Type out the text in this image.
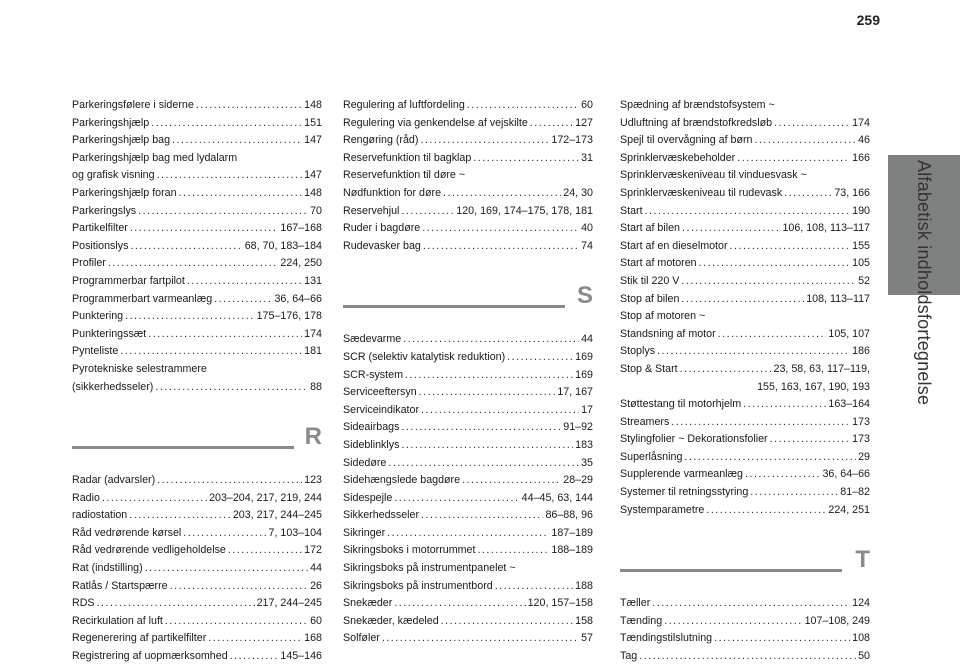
259
Alfabetisk indholdsfortegnelse
Parkeringsfølere i siderne .....	148
Parkeringshjælp .....	151
Parkeringshjælp bag .....	147
Parkeringshjælp bag med lydalarm
og grafisk visning .....	147
Parkeringshjælp foran .....	148
Parkeringslys .....	70
Partikelfilter .....	167–168
Positionslys .....	68, 70, 183–184
Profiler .....	224, 250
Programmerbar fartpilot .....	131
Programmerbart varmeanlæg .....	36, 64–66
Punktering .....	175–176, 178
Punkteringssæt .....	174
Pynteliste .....	181
Pyrotekniske selestrammere
(sikkerhedsseler) .....	88
R
Radar (advarsler) .....	123
Radio .....	203–204, 217, 219, 244
radiostation .....	203, 217, 244–245
Råd vedrørende kørsel .....	7, 103–104
Råd vedrørende vedligeholdelse .....	172
Rat (indstilling) .....	44
Ratlås / Startspærre .....	26
RDS .....	217, 244–245
Recirkulation af luft .....	60
Regenerering af partikelfilter .....	168
Registrering af uopmærksomhed .....	145–146
Regulering af luftfordeling .....	60
Regulering via genkendelse af vejskilte .....	127
Rengøring (råd) .....	172–173
Reservefunktion til bagklap .....	31
Reservefunktion til døre ~
Nødfunktion for døre .....	24, 30
Reservehjul .....	120, 169, 174–175, 178, 181
Ruder i bagdøre .....	40
Rudevasker bag .....	74
S
Sædevarme .....	44
SCR (selektiv katalytisk reduktion) .....	169
SCR-system .....	169
Serviceeftersyn .....	17, 167
Serviceindikator .....	17
Sideairbags .....	91–92
Sideblinklys .....	183
Sidedøre .....	35
Sidehængslede bagdøre .....	28–29
Sidespejle .....	44–45, 63, 144
Sikkerhedsseler .....	86–88, 96
Sikringer .....	187–189
Sikringsboks i motorrummet .....	188–189
Sikringsboks på instrumentpanelet ~
Sikringsboks på instrumentbord .....	188
Snekæder .....	120, 157–158
Snekæder, kædeled .....	158
Solføler .....	57
Spædning af brændstofsystem ~
Udluftning af brændstofkredsløb .....	174
Spejl til overvågning af børn .....	46
Sprinklervæskebeholder .....	166
Sprinklervæskeniveau til vinduesvask ~
Sprinklervæskeniveau til rudevask .....	73, 166
Start .....	190
Start af bilen .....	106, 108, 113–117
Start af en dieselmotor .....	155
Start af motoren .....	105
Stik til 220 V .....	52
Stop af bilen .....	108, 113–117
Stop af motoren ~
Standsning af motor .....	105, 107
Stoplys .....	186
Stop & Start .....	23, 58, 63, 117–119,
155, 163, 167, 190, 193
Støttestang til motorhjelm .....	163–164
Streamers .....	173
Stylingfolier ~ Dekorationsfolier .....	173
Superlåsning .....	29
Supplerende varmeanlæg .....	36, 64–66
Systemer til retningsstyring .....	81–82
Systemparametre .....	224, 251
T
Tæller .....	124
Tænding .....	107–108, 249
Tændingstilslutning .....	108
Tag .....	50
